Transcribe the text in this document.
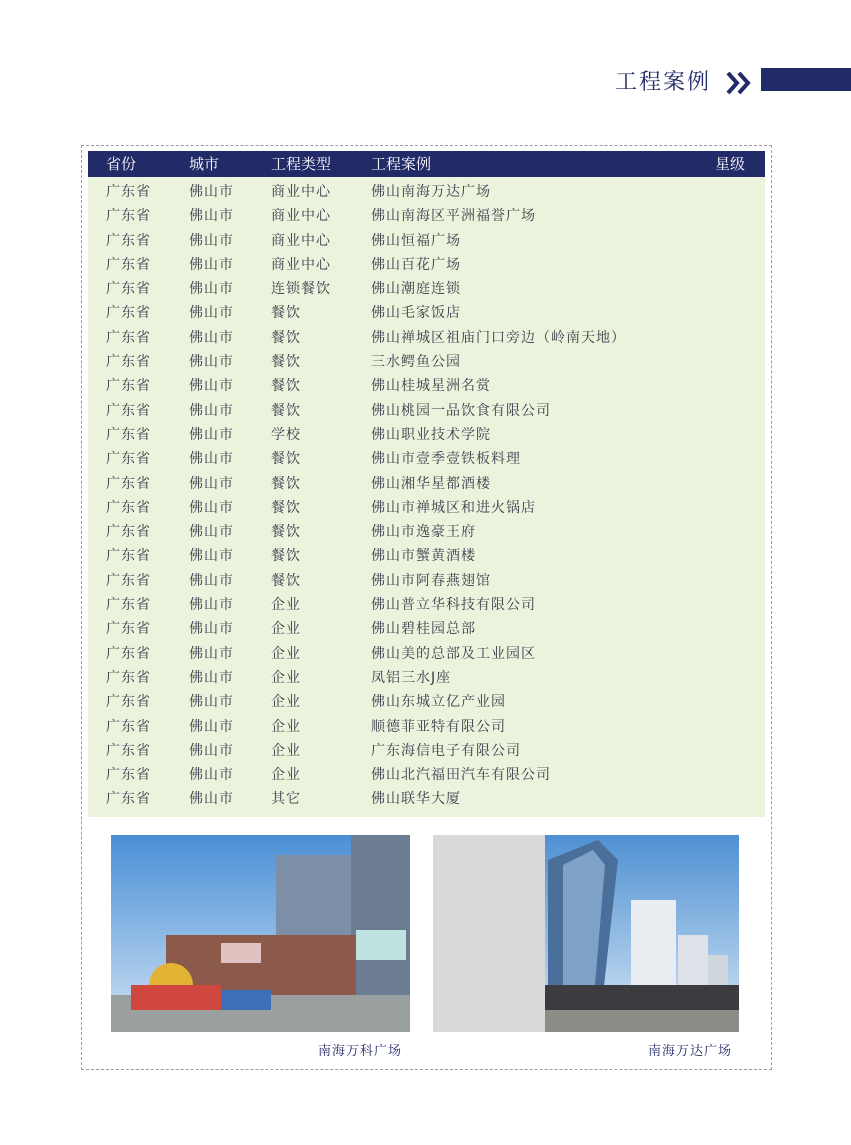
工程案例
省份	城市	工程类型	工程案例	星级
广东省	佛山市	商业中心	佛山南海万达广场
广东省	佛山市	商业中心	佛山南海区平洲福誉广场
广东省	佛山市	商业中心	佛山恒福广场
广东省	佛山市	商业中心	佛山百花广场
广东省	佛山市	连锁餐饮	佛山潮庭连锁
广东省	佛山市	餐饮	佛山毛家饭店
广东省	佛山市	餐饮	佛山禅城区祖庙门口旁边（岭南天地）
广东省	佛山市	餐饮	三水鳄鱼公园
广东省	佛山市	餐饮	佛山桂城星洲名赏
广东省	佛山市	餐饮	佛山桃园一品饮食有限公司
广东省	佛山市	学校	佛山职业技术学院
广东省	佛山市	餐饮	佛山市壹季壹铁板料理
广东省	佛山市	餐饮	佛山湘华星都酒楼
广东省	佛山市	餐饮	佛山市禅城区和进火锅店
广东省	佛山市	餐饮	佛山市逸豪王府
广东省	佛山市	餐饮	佛山市蟹黄酒楼
广东省	佛山市	餐饮	佛山市阿春燕翅馆
广东省	佛山市	企业	佛山普立华科技有限公司
广东省	佛山市	企业	佛山碧桂园总部
广东省	佛山市	企业	佛山美的总部及工业园区
广东省	佛山市	企业	凤铝三水J座
广东省	佛山市	企业	佛山东城立亿产业园
广东省	佛山市	企业	顺德菲亚特有限公司
广东省	佛山市	企业	广东海信电子有限公司
广东省	佛山市	企业	佛山北汽福田汽车有限公司
广东省	佛山市	其它	佛山联华大厦
南海万科广场	南海万达广场
